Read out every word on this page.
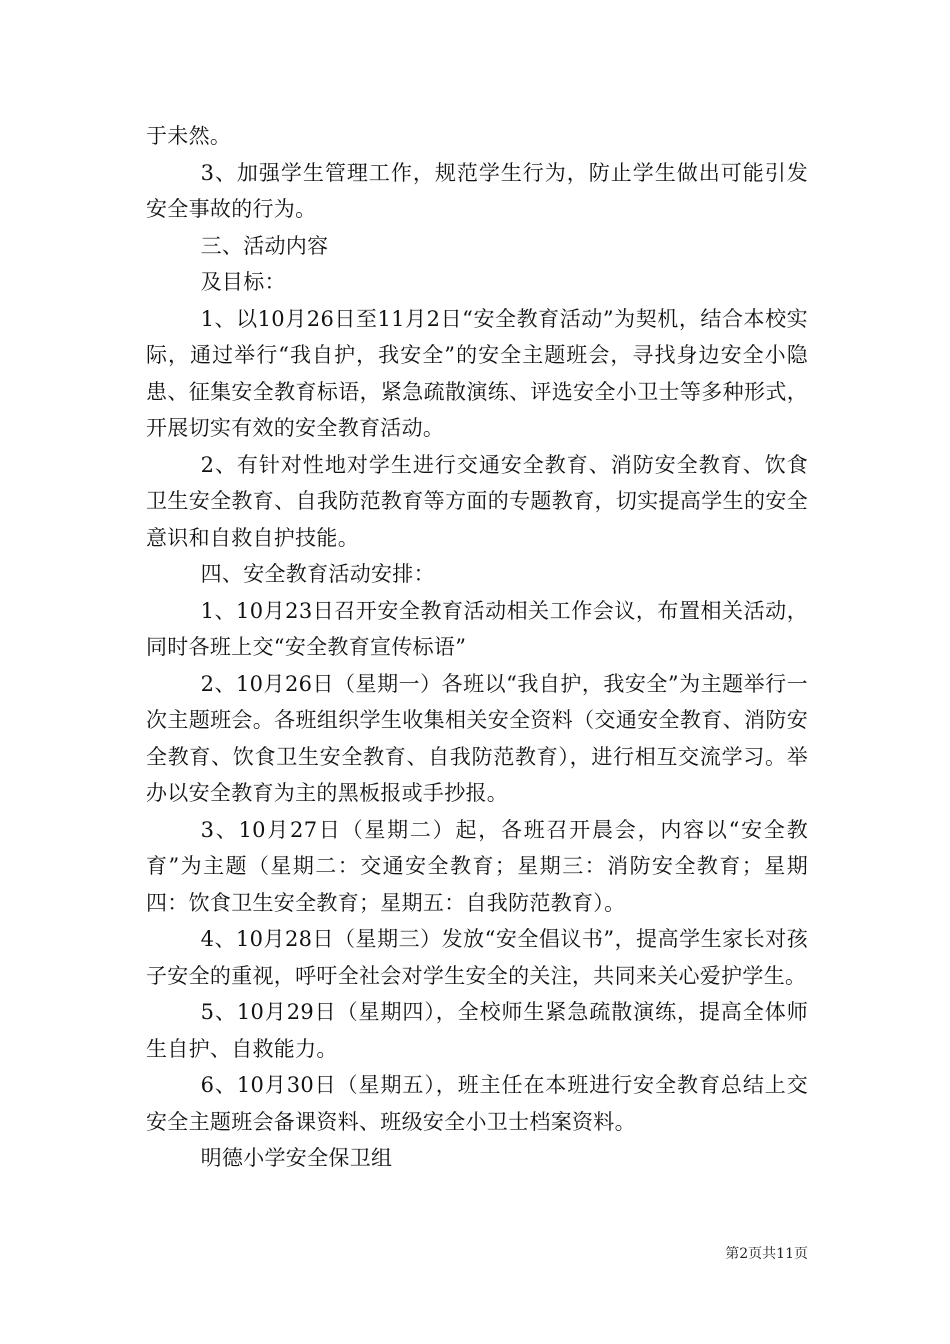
于未然。

3、加强学生管理工作，规范学生行为，防止学生做出可能引发安全事故的行为。

三、活动内容

及目标：

1、以10月26日至11月2日“安全教育活动”为契机，结合本校实际，通过举行“我自护，我安全”的安全主题班会，寻找身边安全小隐患、征集安全教育标语，紧急疏散演练、评选安全小卫士等多种形式，开展切实有效的安全教育活动。

2、有针对性地对学生进行交通安全教育、消防安全教育、饮食卫生安全教育、自我防范教育等方面的专题教育，切实提高学生的安全意识和自救自护技能。

四、安全教育活动安排：

1、10月23日召开安全教育活动相关工作会议，布置相关活动，同时各班上交“安全教育宣传标语”

2、10月26日（星期一）各班以“我自护，我安全”为主题举行一次主题班会。各班组织学生收集相关安全资料（交通安全教育、消防安全教育、饮食卫生安全教育、自我防范教育），进行相互交流学习。举办以安全教育为主的黑板报或手抄报。

3、10月27日（星期二）起，各班召开晨会，内容以“安全教育”为主题（星期二：交通安全教育；星期三：消防安全教育；星期四：饮食卫生安全教育；星期五：自我防范教育）。

4、10月28日（星期三）发放“安全倡议书”，提高学生家长对孩子安全的重视，呼吁全社会对学生安全的关注，共同来关心爱护学生。

5、10月29日（星期四），全校师生紧急疏散演练，提高全体师生自护、自救能力。

6、10月30日（星期五），班主任在本班进行安全教育总结上交安全主题班会备课资料、班级安全小卫士档案资料。

明德小学安全保卫组

第2页共11页
